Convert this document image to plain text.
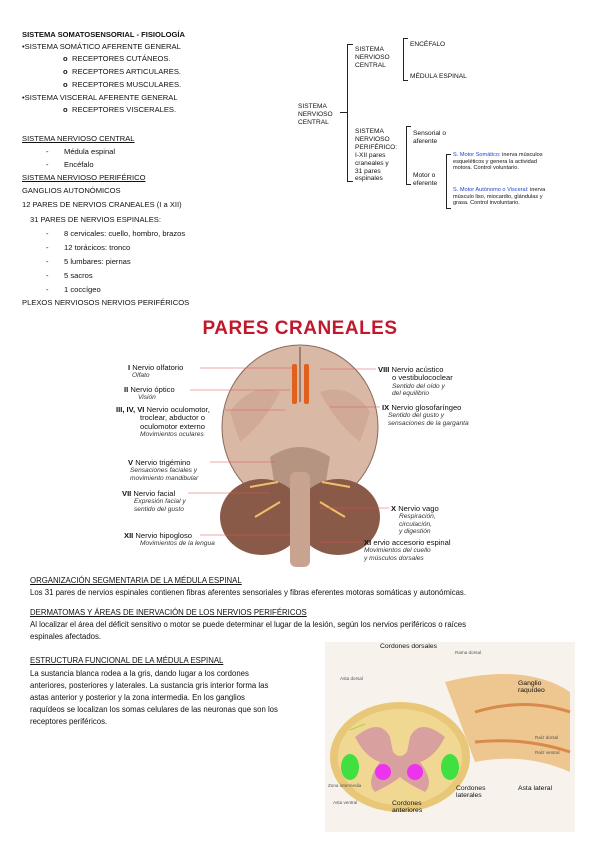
SISTEMA SOMATOSENSORIAL - FISIOLOGÍA
•SISTEMA SOMÁTICO AFERENTE GENERAL
o RECEPTORES CUTÁNEOS.
o RECEPTORES ARTICULARES.
o RECEPTORES MUSCULARES.
•SISTEMA VISCERAL AFERENTE GENERAL
o RECEPTORES VISCERALES.
SISTEMA NERVIOSO CENTRAL
- Médula espinal
- Encéfalo
SISTEMA NERVIOSO PERIFÉRICO
GANGLIOS AUTONÓMICOS
12 PARES DE NERVIOS CRANEALES (I a XII)
31 PARES DE NERVIOS ESPINALES:
- 8 cervicales: cuello, hombro, brazos
- 12 torácicos: tronco
- 5 lumbares: piernas
- 5 sacros
- 1 coccígeo
PLEXOS NERVIOSOS NERVIOS PERIFÉRICOS
SISTEMA
NERVIOSO
CENTRAL
SISTEMA
NERVIOSO
CENTRAL
ENCÉFALO
MÉDULA ESPINAL
SISTEMA
NERVIOSO
PERIFÉRICO:
I-XII pares
craneales y
31 pares
espinales
Sensorial o
aferente
Motor o
eferente
S. Motor Somático: inerva músculos
esqueléticos y genera la actividad
motora. Control voluntario.
S. Motor Autónomo o Visceral: inerva
músculo liso, miocardio, glándulas y
grasa. Control involuntario.
PARES CRANEALES
I Nervio olfatorio
Olfato
II Nervio óptico
Visión
III, IV, VI Nervio oculomotor,
troclear, abductor o
oculomotor externo
Movimientos oculares
V Nervio trigémino
Sensaciones faciales y
movimiento mandibular
VII Nervio facial
Expresión facial y
sentido del gusto
XII Nervio hipogloso
Movimientos de la lengua
VIII Nervio acústico
o vestibulococlear
Sentido del oído y
del equilibrio
IX Nervio glosofaríngeo
Sentido del gusto y
sensaciones de la garganta
X Nervio vago
Respiración,
circulación,
y digestión
XI ervio accesorio espinal
Movimientos del cuello
y músculos dorsales
ORGANIZACIÓN SEGMENTARIA DE LA MÉDULA ESPINAL
Los 31 pares de nervios espinales contienen fibras aferentes sensoriales y fibras eferentes motoras somáticas y autonómicas.
DERMATOMAS Y ÁREAS DE INERVACIÓN DE LOS NERVIOS PERIFÉRICOS
Al localizar el área del déficit sensitivo o motor se puede determinar el lugar de la lesión, según los nervios periféricos o raíces
espinales afectados.
ESTRUCTURA FUNCIONAL DE LA MÉDULA ESPINAL
La sustancia blanca rodea a la gris, dando lugar a los cordones
anteriores, posteriores y laterales. La sustancia gris interior forma las
astas anterior y posterior y la zona intermedia. En los ganglios
raquídeos se localizan los somas celulares de las neuronas que son los
receptores periféricos.
Cordones dorsales
Ganglio
raquídeo
Asta lateral
Cordones
laterales
Cordones
anteriores
Asta dorsal
Zona intermedia
Asta ventral
Rama dorsal
Raíz dorsal
Raíz ventral
